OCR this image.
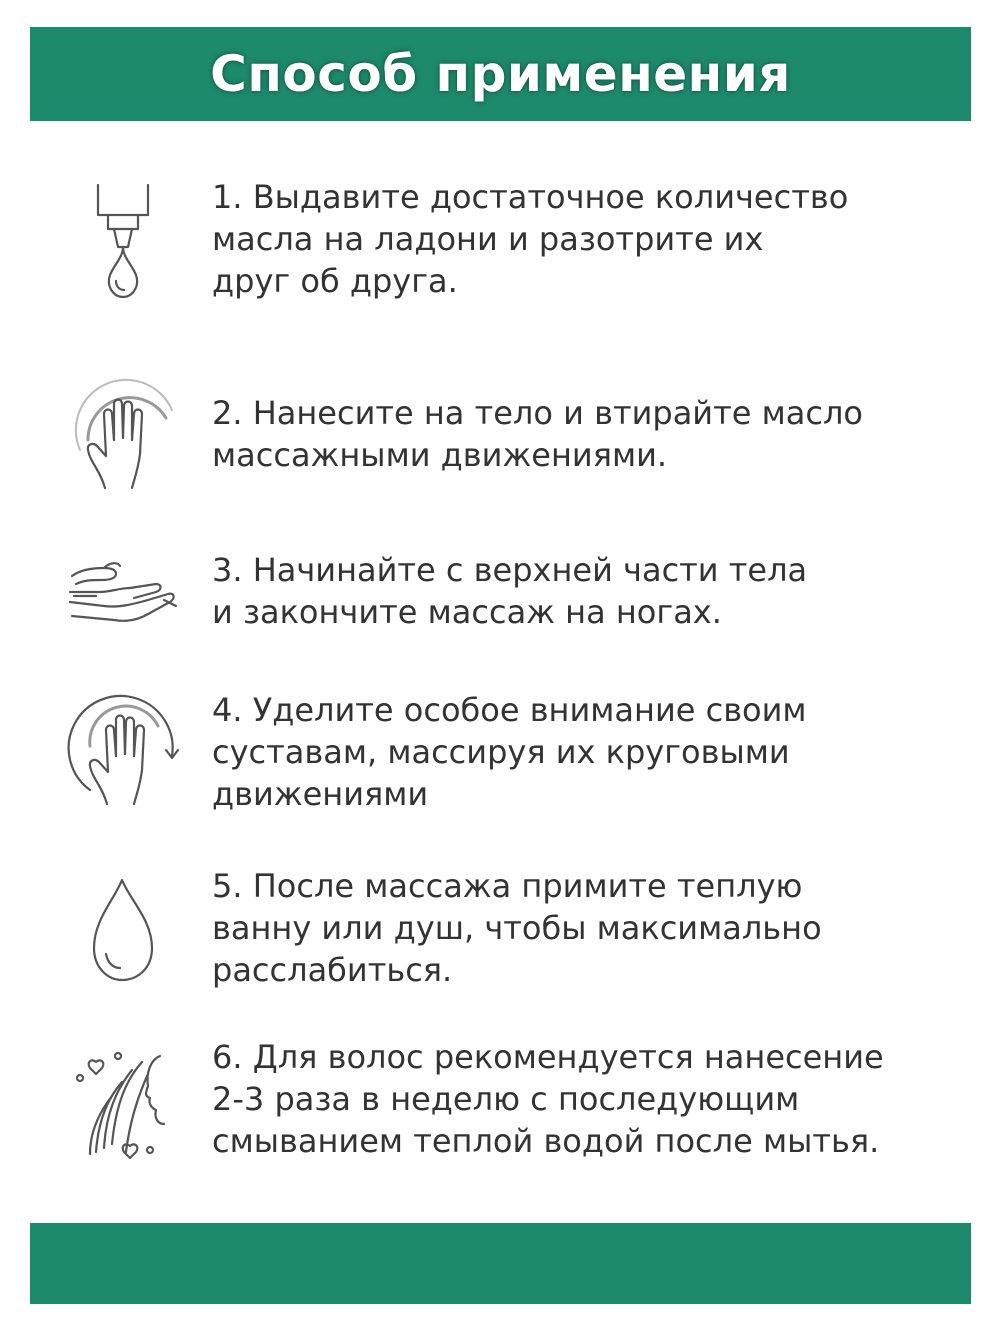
Способ применения

1. Выдавите достаточное количество
масла на ладони и разотрите их
друг об друга.

2. Нанесите на тело и втирайте масло
массажными движениями.

3. Начинайте с верхней части тела
и закончите массаж на ногах.

4. Уделите особое внимание своим
суставам, массируя их круговыми
движениями

5. После массажа примите теплую
ванну или душ, чтобы максимально
расслабиться.

6. Для волос рекомендуется нанесение
2-3 раза в неделю с последующим
смыванием теплой водой после мытья.
